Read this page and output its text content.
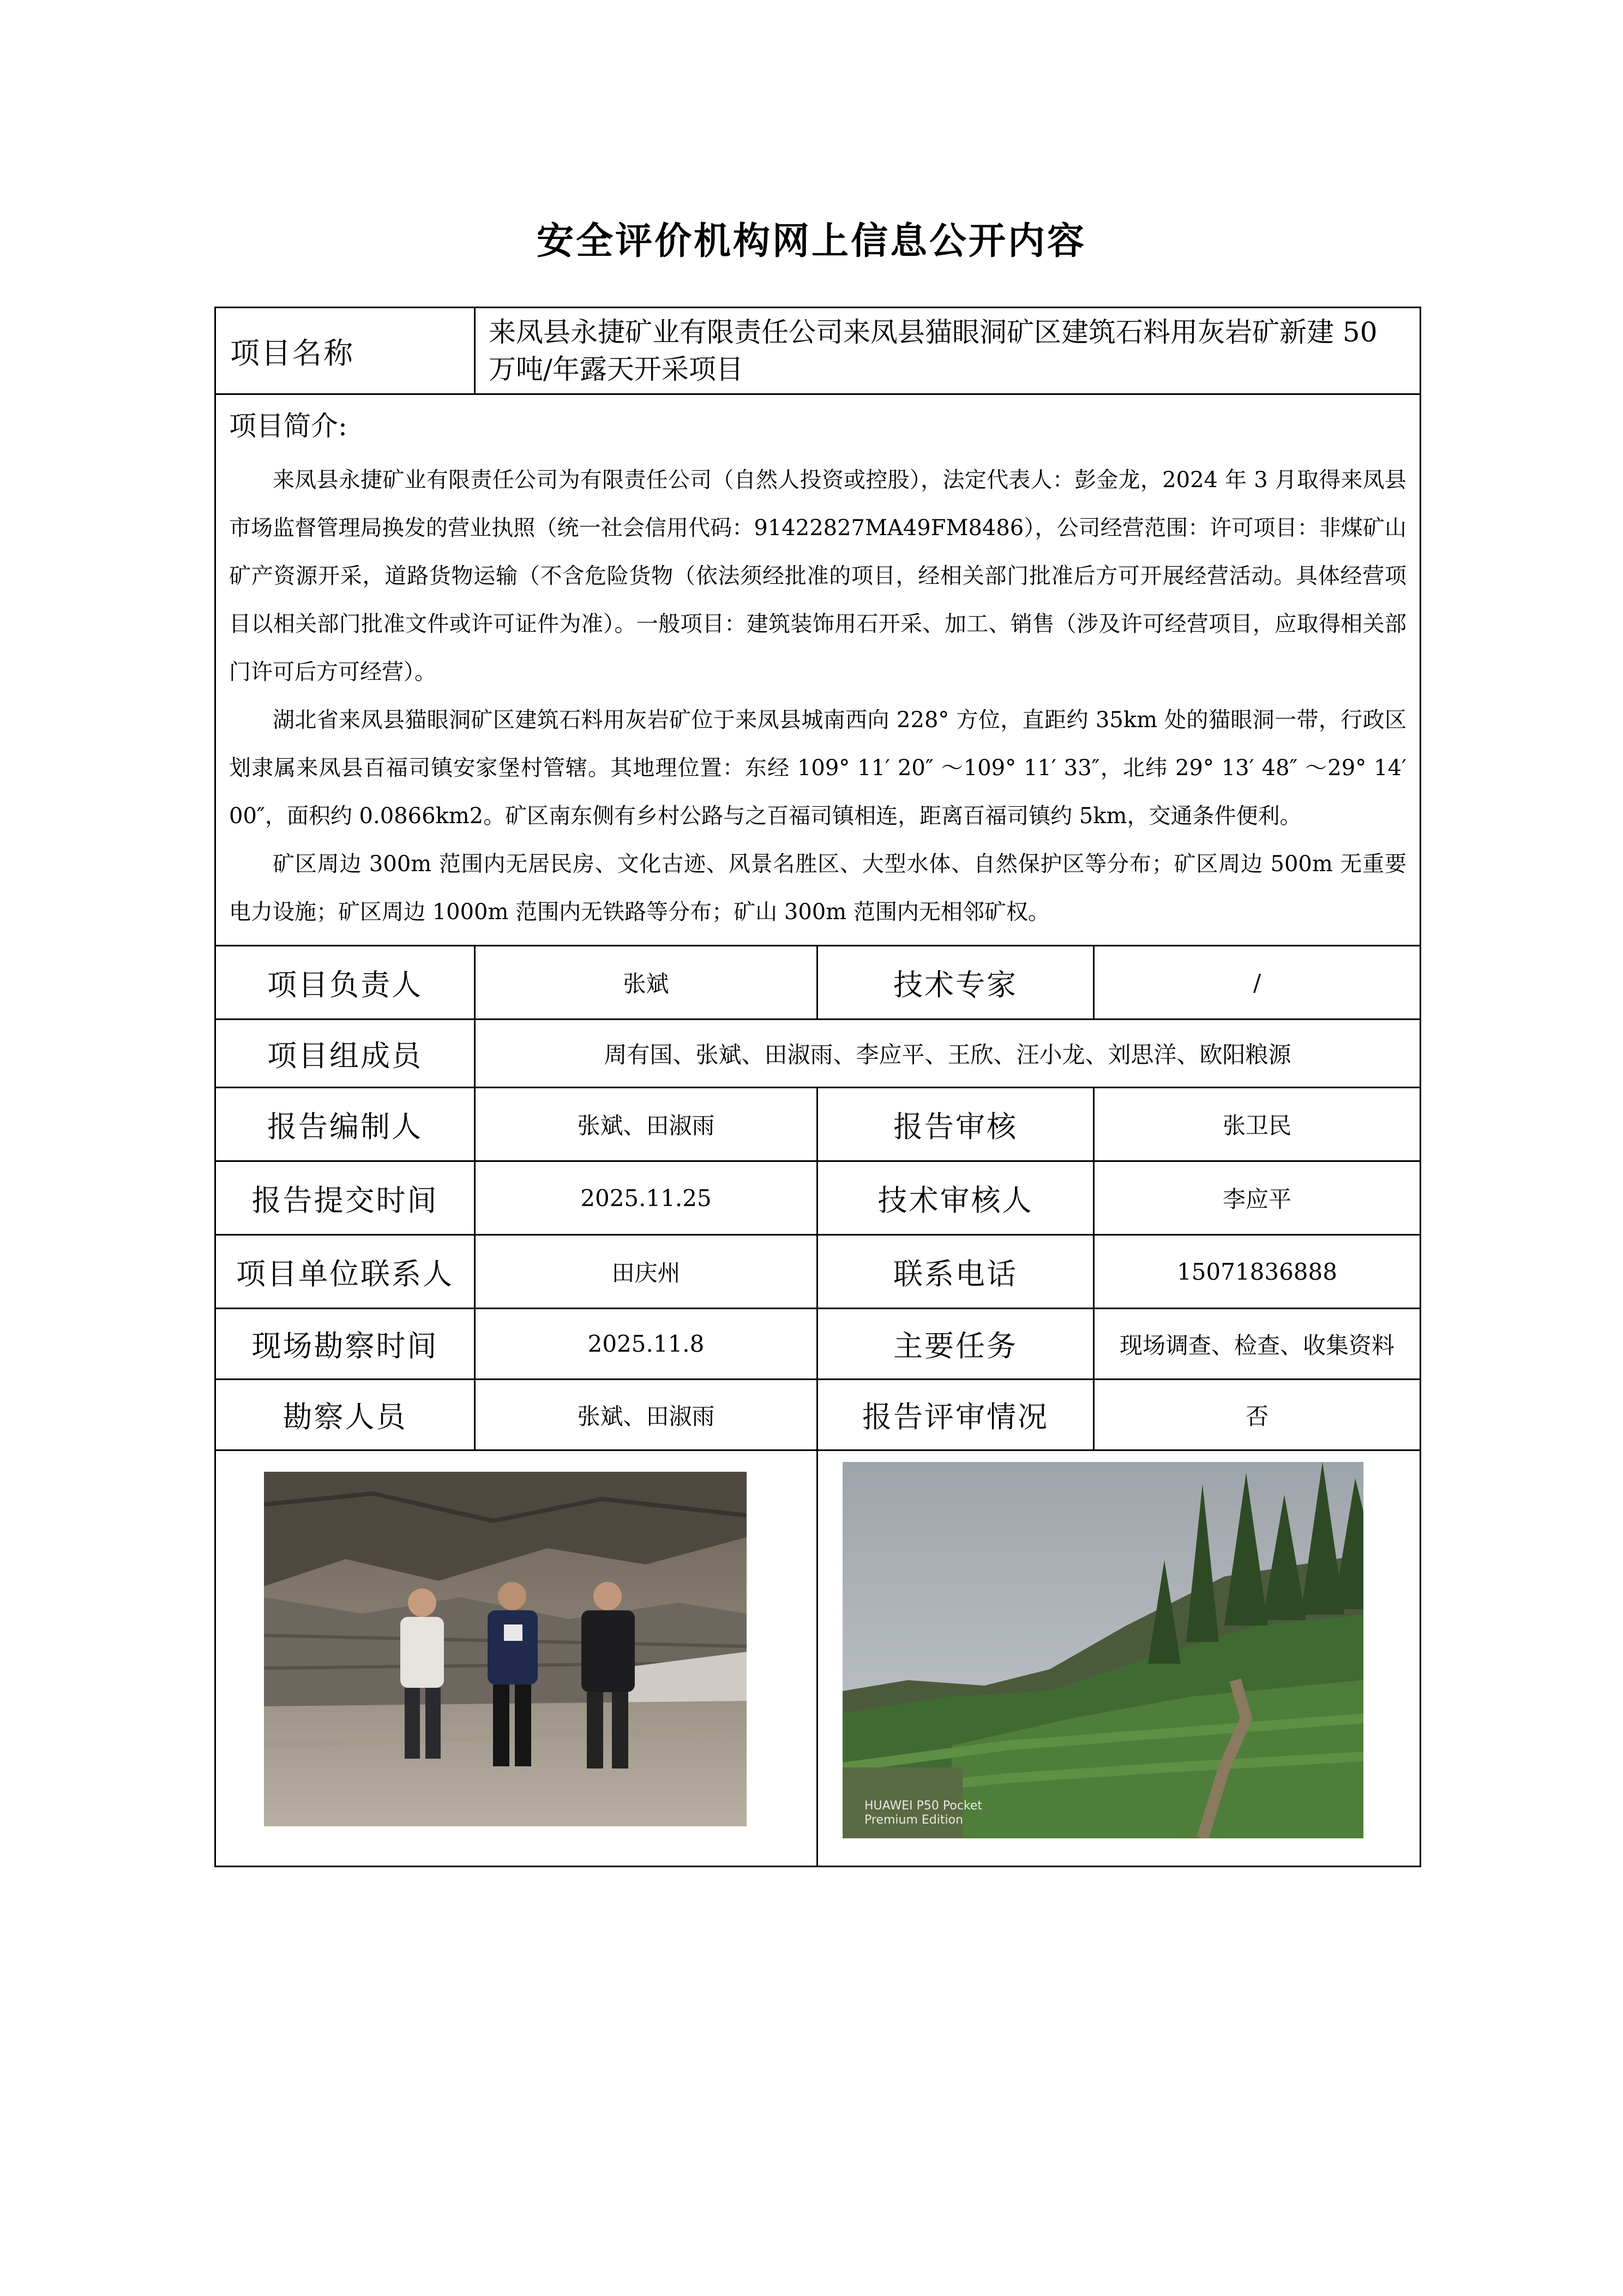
安全评价机构网上信息公开内容
项目名称	来凤县永捷矿业有限责任公司来凤县猫眼洞矿区建筑石料用灰岩矿新建 50 万吨/年露天开采项目		

项目简介:

来凤县永捷矿业有限责任公司为有限责任公司（自然人投资或控股），法定代表人：彭金龙，2024 年 3 月取得来凤县市场监督管理局换发的营业执照（统一社会信用代码：91422827MA49FM8486），公司经营范围：许可项目：非煤矿山矿产资源开采，道路货物运输（不含危险货物（依法须经批准的项目，经相关部门批准后方可开展经营活动。具体经营项目以相关部门批准文件或许可证件为准）。一般项目：建筑装饰用石开采、加工、销售（涉及许可经营项目，应取得相关部门许可后方可经营）。

湖北省来凤县猫眼洞矿区建筑石料用灰岩矿位于来凤县城南西向 228° 方位，直距约 35km 处的猫眼洞一带，行政区 划隶属来凤县百福司镇安家堡村管辖。其地理位置：东经 109° 11′ 20″ ～109° 11′ 33″，北纬 29° 13′ 48″ ～29° 14′ 00″，面积约 0.0866km2。矿区南东侧有乡村公路与之百福司镇相连，距离百福司镇约 5km，交通条件便利。

矿区周边 300m 范围内无居民房、文化古迹、风景名胜区、大型水体、自然保护区等分布；矿区周边 500m 无重要电力设施；矿区周边 1000m 范围内无铁路等分布；矿山 300m 范围内无相邻矿权。			

项目负责人	张斌	技术专家	/
项目组成员	周有国、张斌、田淑雨、李应平、王欣、汪小龙、刘思洋、欧阳粮源		
报告编制人	张斌、田淑雨	报告审核	张卫民
报告提交时间	2025.11.25	技术审核人	李应平
项目单位联系人	田庆州	联系电话	15071836888
现场勘察时间	2025.11.8	主要任务	现场调查、检查、收集资料
勘察人员	张斌、田淑雨	报告评审情况	否

HUAWEI P50 Pocket
Premium Edition	
